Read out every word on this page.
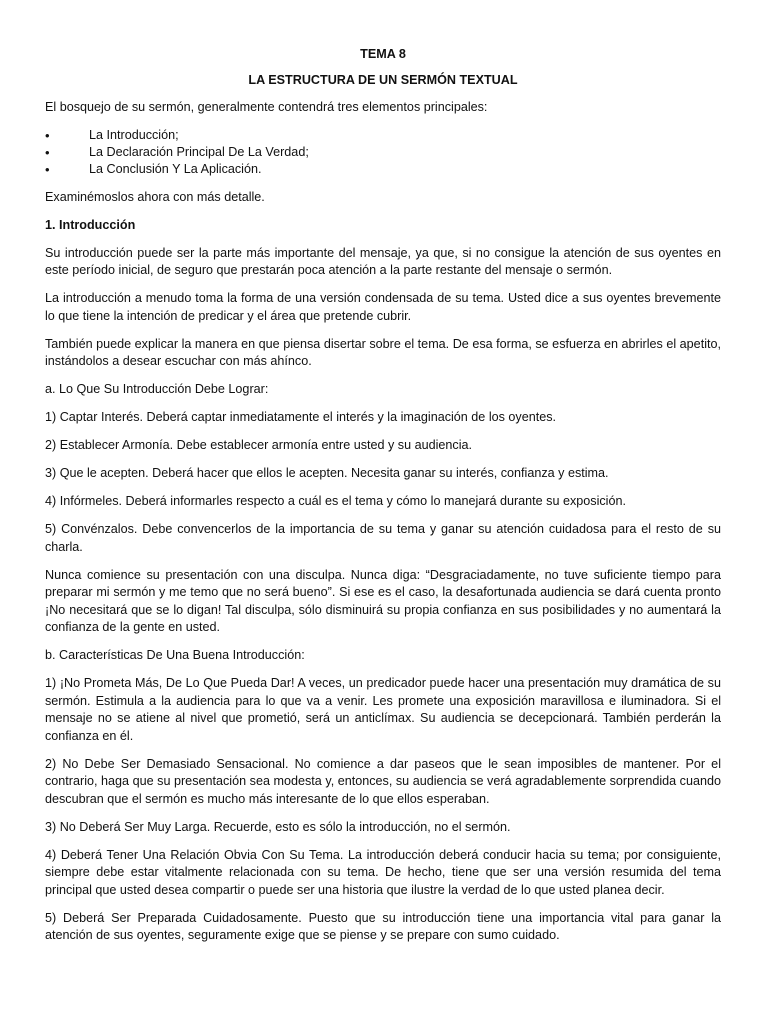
TEMA 8
LA ESTRUCTURA DE UN SERMÓN TEXTUAL

El bosquejo de su sermón, generalmente contendrá tres elementos principales:

•	La Introducción;
•	La Declaración Principal De La Verdad;
•	La Conclusión Y La Aplicación.

Examinémoslos ahora con más detalle.

1. Introducción

Su introducción puede ser la parte más importante del mensaje, ya que, si no consigue la atención de sus oyentes en este período inicial, de seguro que prestarán poca atención a la parte restante del mensaje o sermón.

La introducción a menudo toma la forma de una versión condensada de su tema. Usted dice a sus oyentes brevemente lo que tiene la intención de predicar y el área que pretende cubrir.

También puede explicar la manera en que piensa disertar sobre el tema. De esa forma, se esfuerza en abrirles el apetito, instándolos a desear escuchar con más ahínco.

a. Lo Que Su Introducción Debe Lograr:

1) Captar Interés. Deberá captar inmediatamente el interés y la imaginación de los oyentes.

2) Establecer Armonía. Debe establecer armonía entre usted y su audiencia.

3) Que le acepten. Deberá hacer que ellos le acepten. Necesita ganar su interés, confianza y estima.

4) Infórmeles. Deberá informarles respecto a cuál es el tema y cómo lo manejará durante su exposición.

5) Convénzalos. Debe convencerlos de la importancia de su tema y ganar su atención cuidadosa para el resto de su charla.

Nunca comience su presentación con una disculpa. Nunca diga: “Desgraciadamente, no tuve suficiente tiempo para preparar mi sermón y me temo que no será bueno”. Si ese es el caso, la desafortunada audiencia se dará cuenta pronto ¡No necesitará que se lo digan! Tal disculpa, sólo disminuirá su propia confianza en sus posibilidades y no aumentará la confianza de la gente en usted.

b. Características De Una Buena Introducción:

1) ¡No Prometa Más, De Lo Que Pueda Dar! A veces, un predicador puede hacer una presentación muy dramática de su sermón. Estimula a la audiencia para lo que va a venir. Les promete una exposición maravillosa e iluminadora. Si el mensaje no se atiene al nivel que prometió, será un anticlímax. Su audiencia se decepcionará. También perderán la confianza en él.

2) No Debe Ser Demasiado Sensacional. No comience a dar paseos que le sean imposibles de mantener. Por el contrario, haga que su presentación sea modesta y, entonces, su audiencia se verá agradablemente sorprendida cuando descubran que el sermón es mucho más interesante de lo que ellos esperaban.

3) No Deberá Ser Muy Larga. Recuerde, esto es sólo la introducción, no el sermón.

4) Deberá Tener Una Relación Obvia Con Su Tema. La introducción deberá conducir hacia su tema; por consiguiente, siempre debe estar vitalmente relacionada con su tema. De hecho, tiene que ser una versión resumida del tema principal que usted desea compartir o puede ser una historia que ilustre la verdad de lo que usted planea decir.

5) Deberá Ser Preparada Cuidadosamente. Puesto que su introducción tiene una importancia vital para ganar la atención de sus oyentes, seguramente exige que se piense y se prepare con sumo cuidado.
